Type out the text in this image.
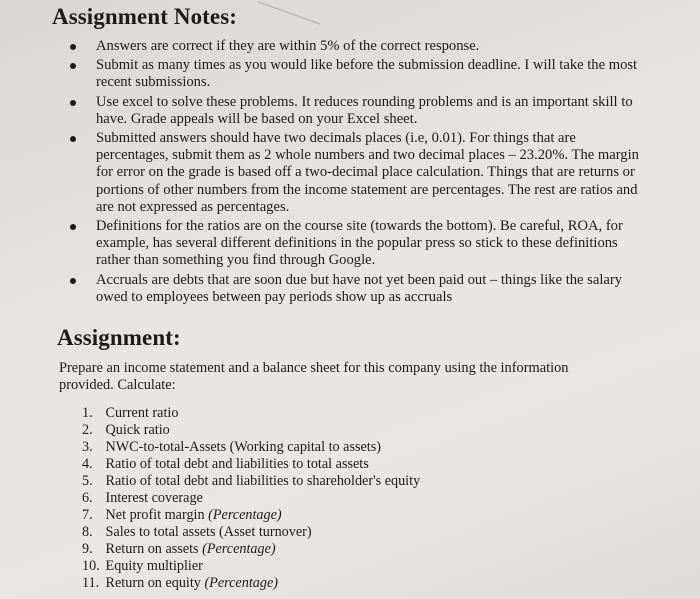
Assignment Notes:
Answers are correct if they are within 5% of the correct response.
Submit as many times as you would like before the submission deadline. I will take the most recent submissions.
Use excel to solve these problems. It reduces rounding problems and is an important skill to have. Grade appeals will be based on your Excel sheet.
Submitted answers should have two decimals places (i.e, 0.01). For things that are percentages, submit them as 2 whole numbers and two decimal places – 23.20%. The margin for error on the grade is based off a two-decimal place calculation. Things that are returns or portions of other numbers from the income statement are percentages. The rest are ratios and are not expressed as percentages.
Definitions for the ratios are on the course site (towards the bottom). Be careful, ROA, for example, has several different definitions in the popular press so stick to these definitions rather than something you find through Google.
Accruals are debts that are soon due but have not yet been paid out – things like the salary owed to employees between pay periods show up as accruals
Assignment:

Prepare an income statement and a balance sheet for this company using the information provided. Calculate:

1. Current ratio
2. Quick ratio
3. NWC-to-total-Assets (Working capital to assets)
4. Ratio of total debt and liabilities to total assets
5. Ratio of total debt and liabilities to shareholder's equity
6. Interest coverage
7. Net profit margin (Percentage)
8. Sales to total assets (Asset turnover)
9. Return on assets (Percentage)
10. Equity multiplier
11. Return on equity (Percentage)
